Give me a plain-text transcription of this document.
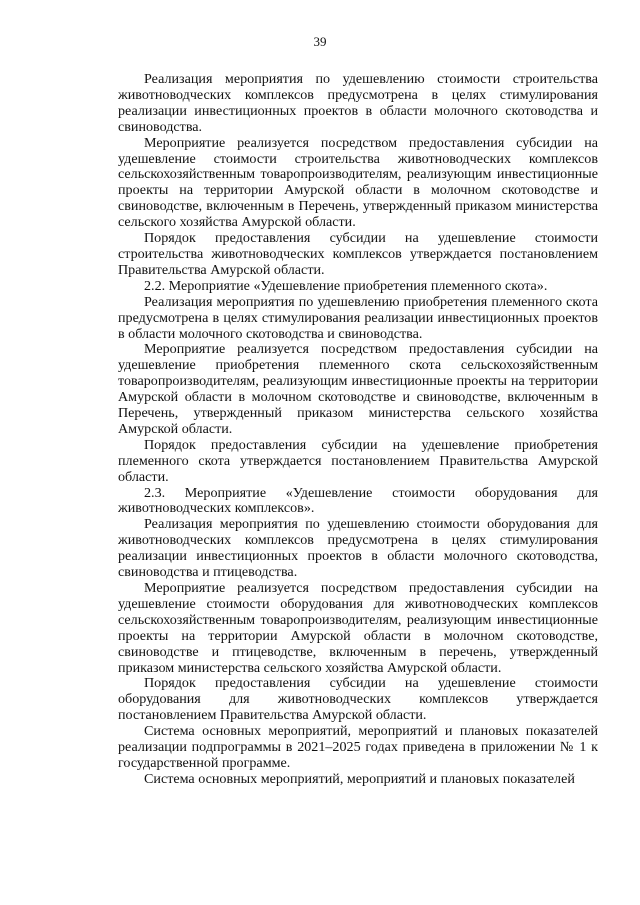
39

Реализация мероприятия по удешевлению стоимости строительства животноводческих комплексов предусмотрена в целях стимулирования реализации инвестиционных проектов в области молочного скотоводства и свиноводства.

Мероприятие реализуется посредством предоставления субсидии на удешевление стоимости строительства животноводческих комплексов сельскохозяйственным товаропроизводителям, реализующим инвестиционные проекты на территории Амурской области в молочном скотоводстве и свиноводстве, включенным в Перечень, утвержденный приказом министерства сельского хозяйства Амурской области.

Порядок предоставления субсидии на удешевление стоимости строительства животноводческих комплексов утверждается постановлением Правительства Амурской области.

2.2. Мероприятие «Удешевление приобретения племенного скота».

Реализация мероприятия по удешевлению приобретения племенного скота предусмотрена в целях стимулирования реализации инвестиционных проектов в области молочного скотоводства и свиноводства.

Мероприятие реализуется посредством предоставления субсидии на удешевление приобретения племенного скота сельскохозяйственным товаропроизводителям, реализующим инвестиционные проекты на территории Амурской области в молочном скотоводстве и свиноводстве, включенным в Перечень, утвержденный приказом министерства сельского хозяйства Амурской области.

Порядок предоставления субсидии на удешевление приобретения племенного скота утверждается постановлением Правительства Амурской области.

2.3. Мероприятие «Удешевление стоимости оборудования для животноводческих комплексов».

Реализация мероприятия по удешевлению стоимости оборудования для животноводческих комплексов предусмотрена в целях стимулирования реализации инвестиционных проектов в области молочного скотоводства, свиноводства и птицеводства.

Мероприятие реализуется посредством предоставления субсидии на удешевление стоимости оборудования для животноводческих комплексов сельскохозяйственным товаропроизводителям, реализующим инвестиционные проекты на территории Амурской области в молочном скотоводстве, свиноводстве и птицеводстве, включенным в перечень, утвержденный приказом министерства сельского хозяйства Амурской области.

Порядок предоставления субсидии на удешевление стоимости оборудования для животноводческих комплексов утверждается постановлением Правительства Амурской области.

Система основных мероприятий, мероприятий и плановых показателей реализации подпрограммы в 2021–2025 годах приведена в приложении № 1 к государственной программе.

Система основных мероприятий, мероприятий и плановых показателей
